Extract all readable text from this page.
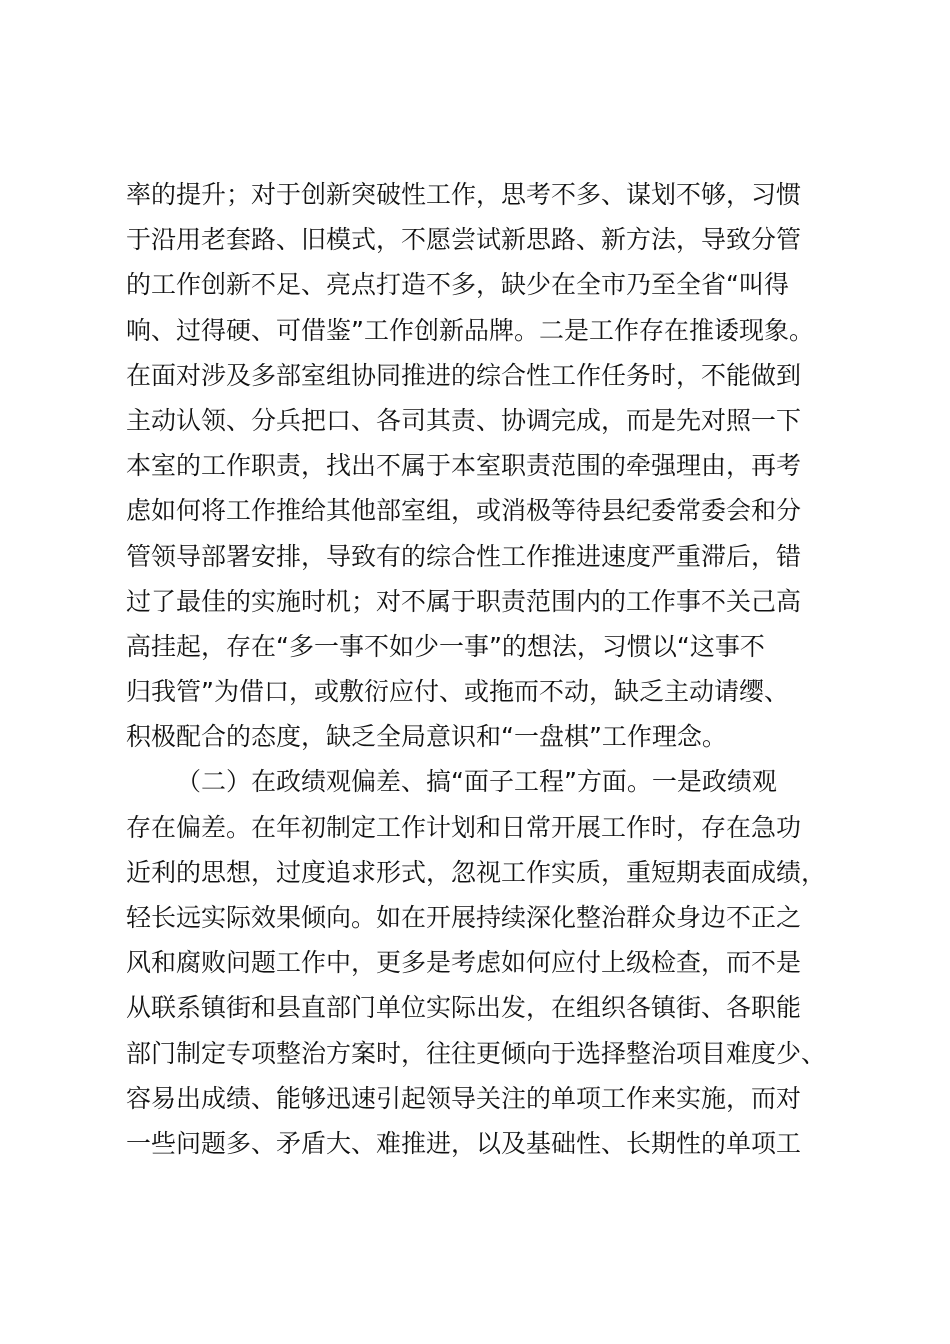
率的提升；对于创新突破性工作，思考不多、谋划不够，习惯
于沿用老套路、旧模式，不愿尝试新思路、新方法，导致分管
的工作创新不足、亮点打造不多，缺少在全市乃至全省“叫得
响、过得硬、可借鉴”工作创新品牌。二是工作存在推诿现象。
在面对涉及多部室组协同推进的综合性工作任务时，不能做到
主动认领、分兵把口、各司其责、协调完成，而是先对照一下
本室的工作职责，找出不属于本室职责范围的牵强理由，再考
虑如何将工作推给其他部室组，或消极等待县纪委常委会和分
管领导部署安排，导致有的综合性工作推进速度严重滞后，错
过了最佳的实施时机；对不属于职责范围内的工作事不关己高
高挂起，存在“多一事不如少一事”的想法，习惯以“这事不
归我管”为借口，或敷衍应付、或拖而不动，缺乏主动请缨、
积极配合的态度，缺乏全局意识和“一盘棋”工作理念。
（二）在政绩观偏差、搞“面子工程”方面。一是政绩观
存在偏差。在年初制定工作计划和日常开展工作时，存在急功
近利的思想，过度追求形式，忽视工作实质，重短期表面成绩，
轻长远实际效果倾向。如在开展持续深化整治群众身边不正之
风和腐败问题工作中，更多是考虑如何应付上级检查，而不是
从联系镇街和县直部门单位实际出发，在组织各镇街、各职能
部门制定专项整治方案时，往往更倾向于选择整治项目难度少、
容易出成绩、能够迅速引起领导关注的单项工作来实施，而对
一些问题多、矛盾大、难推进，以及基础性、长期性的单项工
